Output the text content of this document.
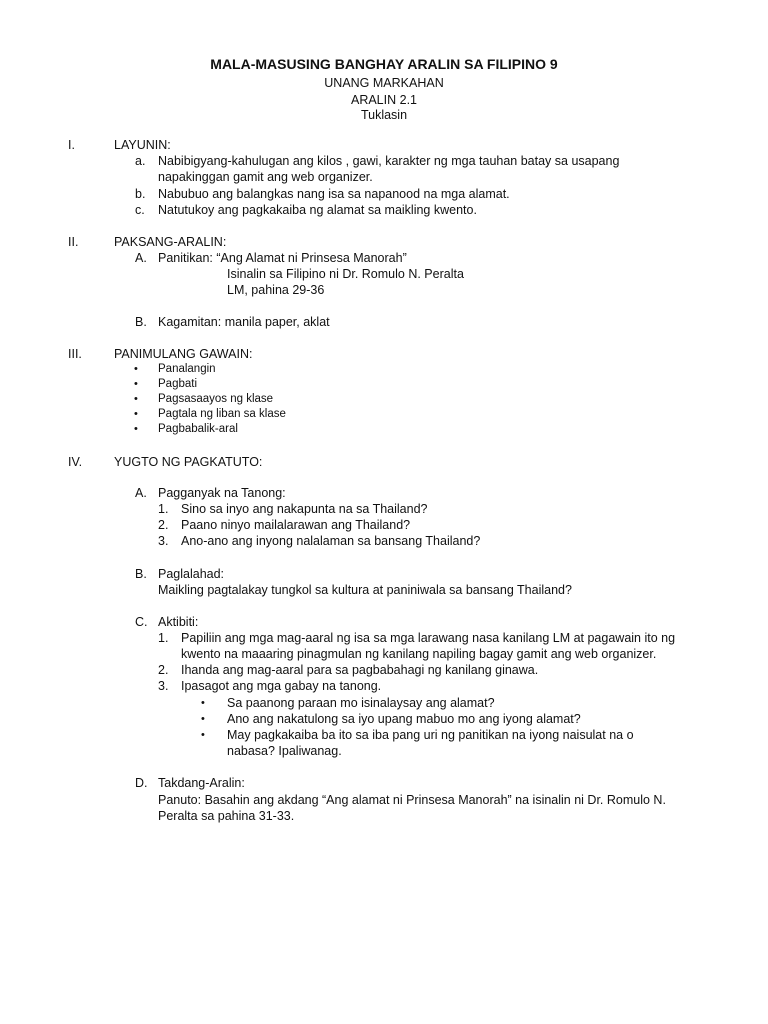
MALA-MASUSING BANGHAY ARALIN SA FILIPINO 9
UNANG MARKAHAN
ARALIN 2.1
Tuklasin
I.	LAYUNIN:
a. Nabibigyang-kahulugan ang kilos , gawi, karakter ng mga tauhan batay sa usapang
napakinggan gamit ang web organizer.
b. Nabubuo ang balangkas nang isa sa napanood na mga alamat.
c. Natutukoy ang pagkakaiba ng alamat sa maikling kwento.
II.	PAKSANG-ARALIN:
A. Panitikan: “Ang Alamat ni Prinsesa Manorah”
Isinalin sa Filipino ni Dr. Romulo N. Peralta
LM, pahina 29-36
B. Kagamitan: manila paper, aklat
III.	PANIMULANG GAWAIN:
• Panalangin
• Pagbati
• Pagsasaayos ng klase
• Pagtala ng liban sa klase
• Pagbabalik-aral
IV.	YUGTO NG PAGKATUTO:
A. Pagganyak na Tanong:
1. Sino sa inyo ang nakapunta na sa Thailand?
2. Paano ninyo mailalarawan ang Thailand?
3. Ano-ano ang inyong nalalaman sa bansang Thailand?
B. Paglalahad:
Maikling pagtalakay tungkol sa kultura at paniniwala sa bansang Thailand?
C. Aktibiti:
1. Papiliin ang mga mag-aaral ng isa sa mga larawang nasa kanilang LM at pagawain ito ng
kwento na maaaring pinagmulan ng kanilang napiling bagay gamit ang web organizer.
2. Ihanda ang mag-aaral para sa pagbabahagi ng kanilang ginawa.
3. Ipasagot ang mga gabay na tanong.
• Sa paanong paraan mo isinalaysay ang alamat?
• Ano ang nakatulong sa iyo upang mabuo mo ang iyong alamat?
• May pagkakaiba ba ito sa iba pang uri ng panitikan na iyong naisulat na o
nabasa? Ipaliwanag.
D. Takdang-Aralin:
Panuto: Basahin ang akdang “Ang alamat ni Prinsesa Manorah” na isinalin ni Dr. Romulo N.
Peralta sa pahina 31-33.
